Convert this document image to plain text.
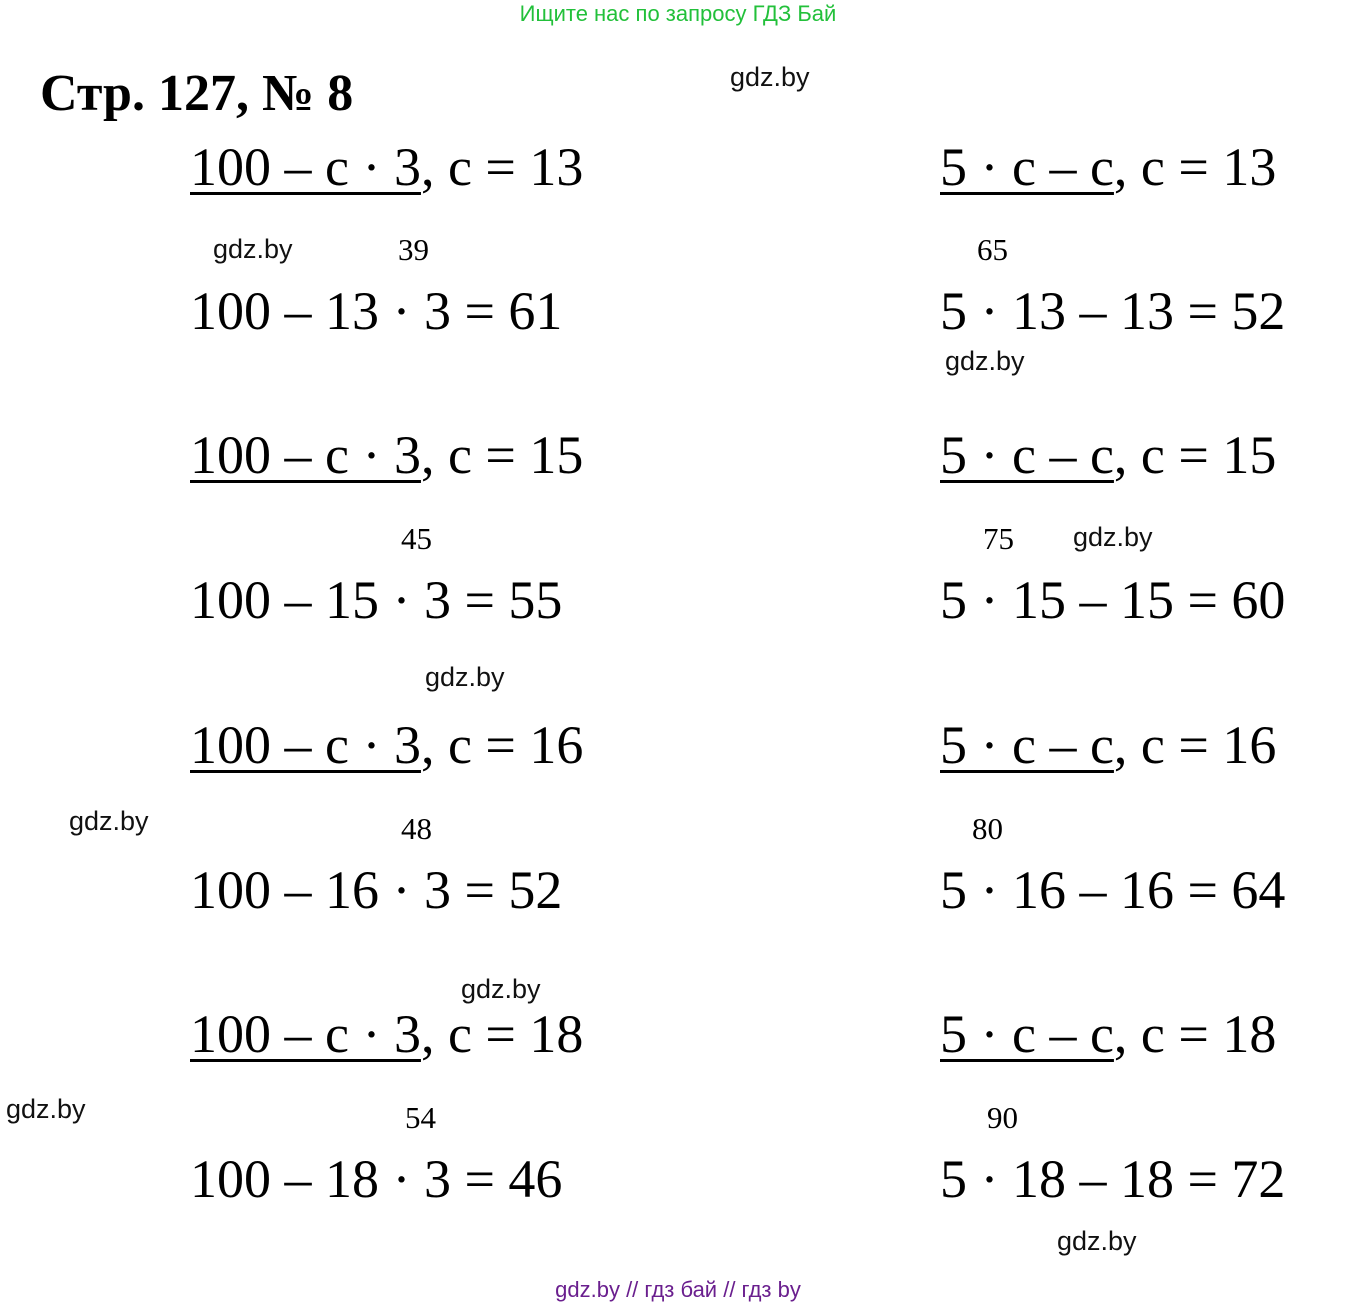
Ищите нас по запросу ГДЗ Бай
Стр. 127, № 8	gdz.by
gdz.by
gdz.by
gdz.by
gdz.by
gdz.by
gdz.by
gdz.by
gdz.by
100 – с · 3, с = 13
39
100 – 13 · 3 = 61
100 – с · 3, с = 15
45
100 – 15 · 3 = 55
100 – с · 3, с = 16
48
100 – 16 · 3 = 52
100 – с · 3, с = 18
54
100 – 18 · 3 = 46
5 · с – с, с = 13
65
5 · 13 – 13 = 52
5 · с – с, с = 15
75
5 · 15 – 15 = 60
5 · с – с, с = 16
80
5 · 16 – 16 = 64
5 · с – с, с = 18
90
5 · 18 – 18 = 72
gdz.by // гдз бай // гдз by
